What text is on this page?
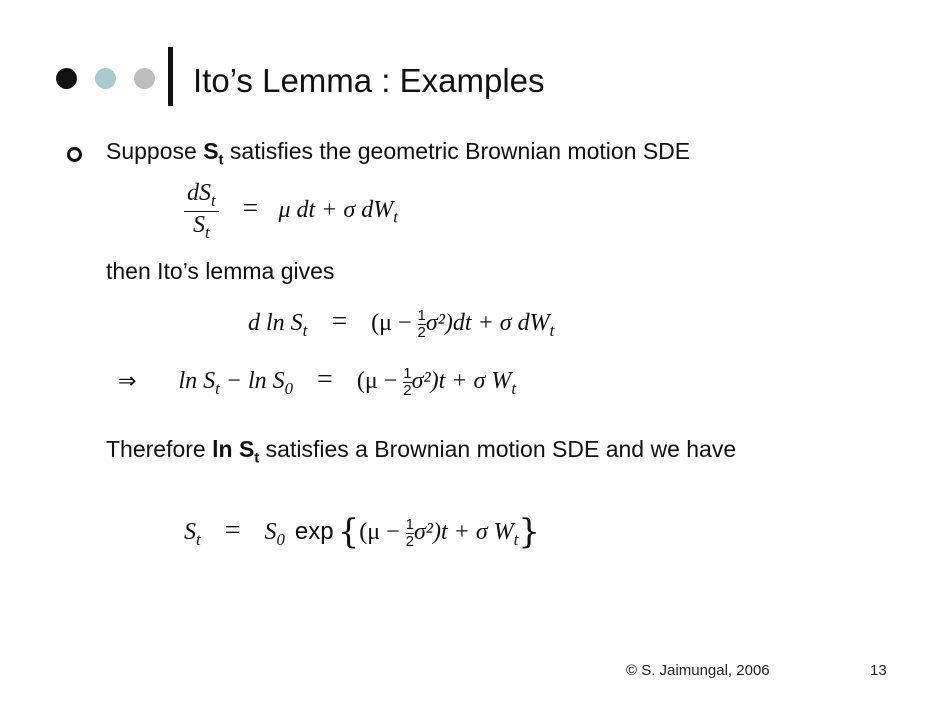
Ito’s Lemma : Examples
Suppose $S_t$ satisfies the geometric Brownian motion SDE
$\frac{dS_t}{S_t} = \mu$ dt + σ $dW_t$
then Ito’s lemma gives
d $\ln S_t = (\mu - \frac{1}{2} \sigma^2)dt + \sigma$ $dW_t$
⇒ $\ln S_t - \ln S_0 = (\mu - \frac{1}{2} \sigma^2)t + \sigma$ $W_t$
Therefore $\ln S_t$ satisfies a Brownian motion SDE and we have
$S_t = S_0$ $\exp \{(\mu - \frac{1}{2} \sigma^2)t + \sigma$ $W_t$}
© S. Jaimungal, 2006	13
